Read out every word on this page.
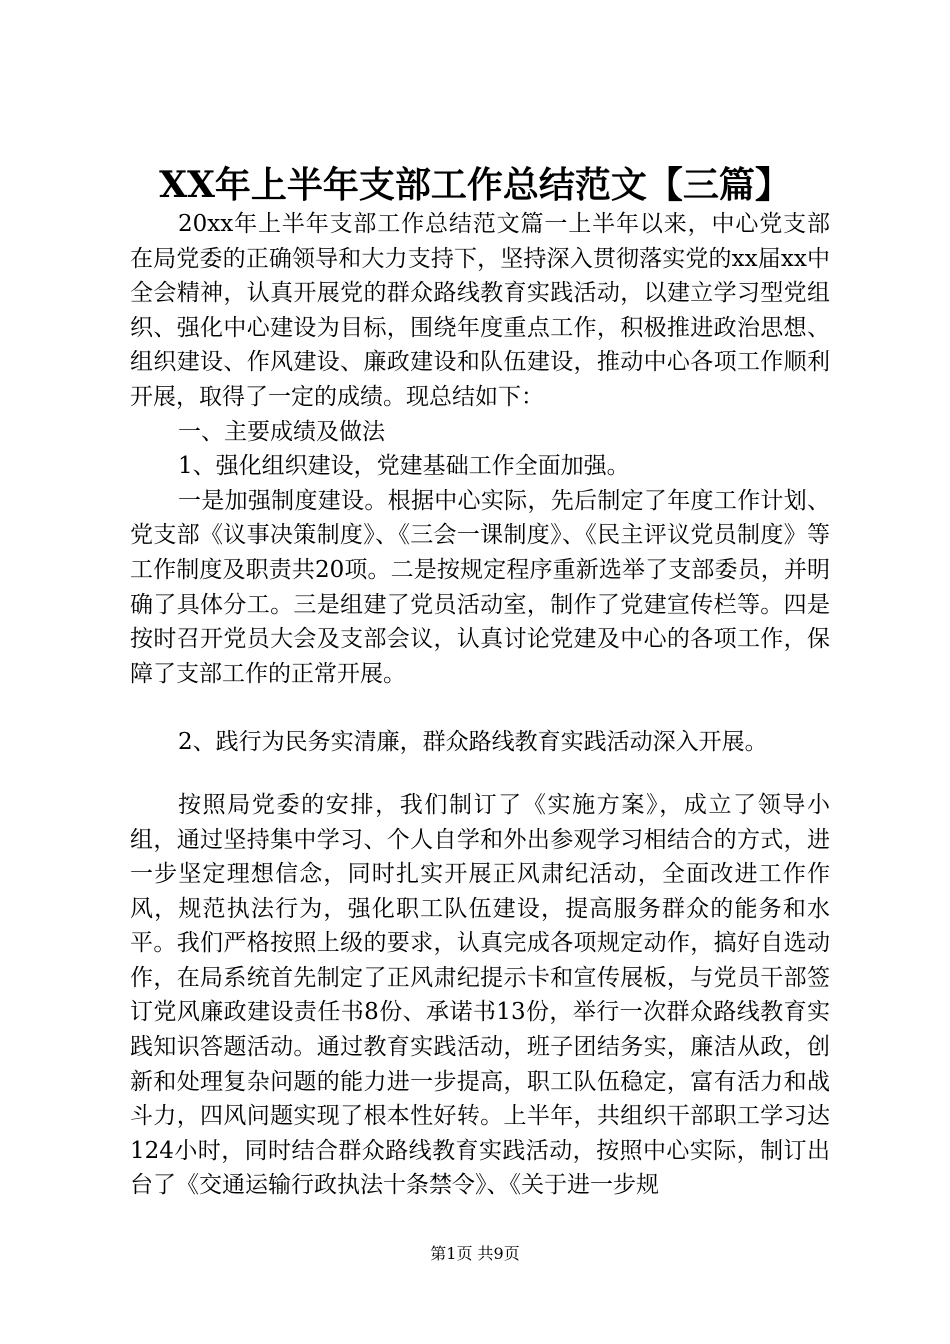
XX年上半年支部工作总结范文【三篇】

20xx年上半年支部工作总结范文篇一上半年以来，中心党支部在局党委的正确领导和大力支持下，坚持深入贯彻落实党的xx届xx中全会精神，认真开展党的群众路线教育实践活动，以建立学习型党组织、强化中心建设为目标，围绕年度重点工作，积极推进政治思想、组织建设、作风建设、廉政建设和队伍建设，推动中心各项工作顺利开展，取得了一定的成绩。现总结如下：

一、主要成绩及做法

1、强化组织建设，党建基础工作全面加强。

一是加强制度建设。根据中心实际，先后制定了年度工作计划、党支部《议事决策制度》、《三会一课制度》、《民主评议党员制度》等工作制度及职责共20项。二是按规定程序重新选举了支部委员，并明确了具体分工。三是组建了党员活动室，制作了党建宣传栏等。四是按时召开党员大会及支部会议，认真讨论党建及中心的各项工作，保障了支部工作的正常开展。

2、践行为民务实清廉，群众路线教育实践活动深入开展。

按照局党委的安排，我们制订了《实施方案》，成立了领导小组，通过坚持集中学习、个人自学和外出参观学习相结合的方式，进一步坚定理想信念，同时扎实开展正风肃纪活动，全面改进工作作风，规范执法行为，强化职工队伍建设，提高服务群众的能务和水平。我们严格按照上级的要求，认真完成各项规定动作，搞好自选动作，在局系统首先制定了正风肃纪提示卡和宣传展板，与党员干部签订党风廉政建设责任书8份、承诺书13份，举行一次群众路线教育实践知识答题活动。通过教育实践活动，班子团结务实，廉洁从政，创新和处理复杂问题的能力进一步提高，职工队伍稳定，富有活力和战斗力，四风问题实现了根本性好转。上半年，共组织干部职工学习达124小时，同时结合群众路线教育实践活动，按照中心实际，制订出台了《交通运输行政执法十条禁令》、《关于进一步规

第1页 共9页
